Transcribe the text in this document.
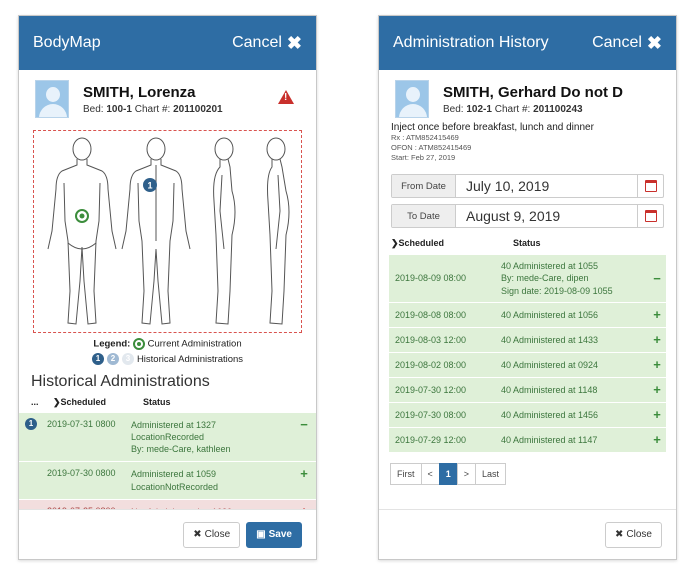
BodyMap	Cancel ✖
SMITH, Lorenza
Bed: 100-1 Chart #: 201100201
!
1
Legend: Current Administration
1	2	3 Historical Administrations
Historical Administrations
...	❯Scheduled	Status
1	2019-07-31 0800	Administered at 1327
LocationRecorded
By: mede-Care, kathleen
−
2019-07-30 0800	Administered at 1059
LocationNotRecorded
+
✖ Close	▣ Save
Administration History	Cancel ✖
SMITH, Gerhard Do not D
Bed: 102-1 Chart #: 201100243
Inject once before breakfast, lunch and dinner
Rx : ATM852415469
OFON : ATM852415469
Start: Feb 27, 2019
From Date	July 10, 2019
To Date	August 9, 2019
❯Scheduled	Status
2019-08-09 08:00
40 Administered at 1055
By: mede-Care, dipen
Sign date: 2019-08-09 1055
−
2019-08-08 08:00	40 Administered at 1056	+
2019-08-03 12:00	40 Administered at 1433	+
2019-08-02 08:00	40 Administered at 0924	+
2019-07-30 12:00	40 Administered at 1148	+
2019-07-30 08:00	40 Administered at 1456	+
2019-07-29 12:00	40 Administered at 1147	+
First	<	1	>	Last
✖ Close
